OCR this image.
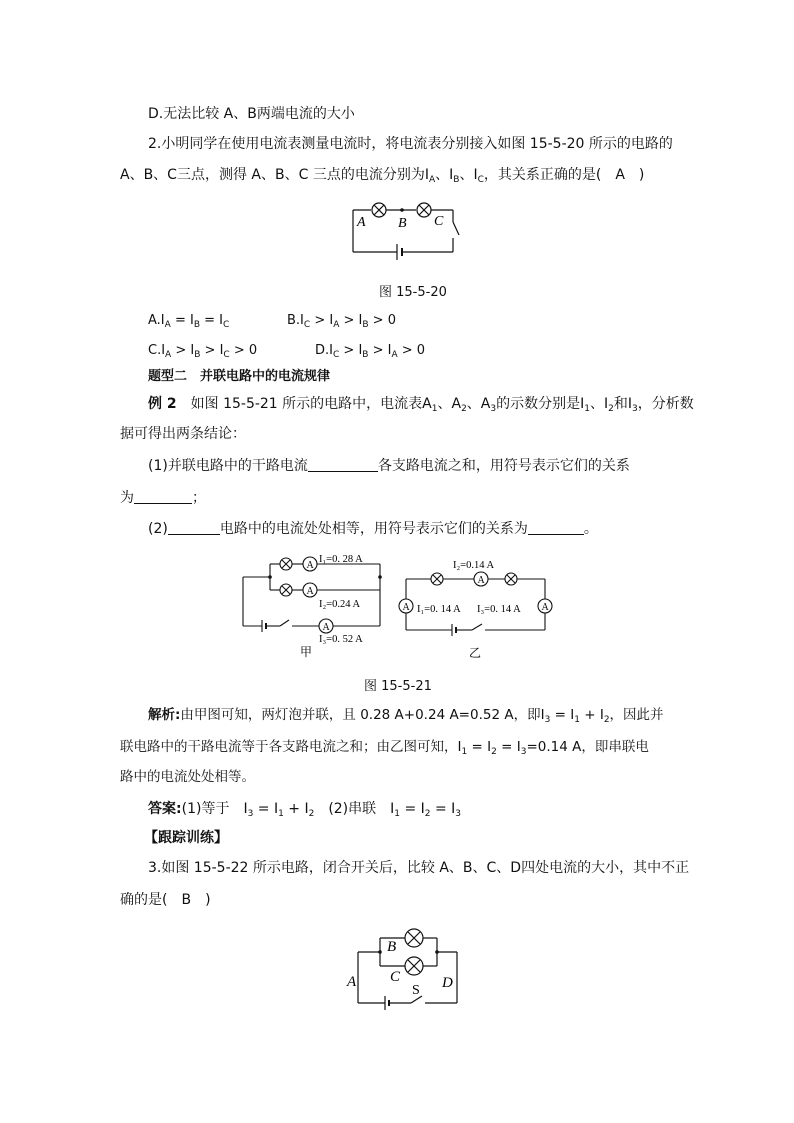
D.无法比较 A、B两端电流的大小
2.小明同学在使用电流表测量电流时，将电流表分别接入如图 15-5-20 所示的电路的
A、B、C三点，测得 A、B、C 三点的电流分别为$I_A$、$I_B$、$I_C$，其关系正确的是(　A　)
A B C
图 15-5-20
$A.I_A = I_B = I_C$	$B.I_C > I_A > I_B > 0$
$C.I_A > I_B > I_C > 0$	$D.I_C > I_B > I_A > 0$
题型二　并联电路中的电流规律
例 2　如图 15-5-21 所示的电路中，电流表$A_1$、$A_2$、$A_3$的示数分别是$I_1$、$I_2$和$I_3$，分析数
据可得出两条结论：
(1)并联电路中的干路电流	各支路电流之和，用符号表示它们的关系
为	；
(2)	电路中的电流处处相等，用符号表示它们的关系为	。
A
A
A
I₁=0. 28 A
I₂=0.24 A
I₃=0. 52 A
甲
A
A	A
I₂=0.14 A
I₁=0. 14 A I₃=0. 14 A
乙
图 15-5-21
解析:由甲图可知，两灯泡并联，且 0.28 A+0.24 A=0.52 A，即$I_3 = I_1 + I_2$，因此并
联电路中的干路电流等于各支路电流之和；由乙图可知，$I_1 = I_2 = I_3=0.14$ A，即串联电
路中的电流处处相等。
答案:(1)等于　$I_3 = I_1 + I_2$　 (2)串联　$I_1 = I_2 = I_3$
【跟踪训练】
3.如图 15-5-22 所示电路，闭合开关后，比较 A、B、C、D四处电流的大小，其中不正
确的是(　B　)
B
C
A	D
S
